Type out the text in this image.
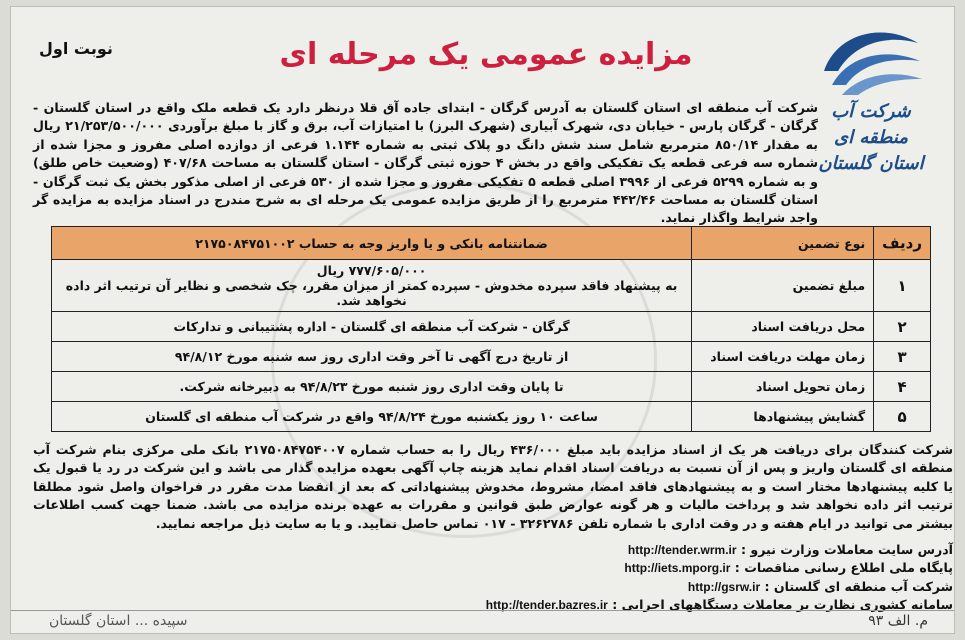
شرکت آب منطقه ای
استان گلستان
نوبت اول	مزایده عمومی یک مرحله ای
شرکت آب منطقه ای استان گلستان به آدرس گرگان - ابتدای جاده آق قلا درنظر دارد یک قطعه ملک واقع در استان گلستان - گرگان - گرگان پارس - خیابان دی، شهرک آبیاری (شهرک البرز) با امتیازات آب، برق و گاز با مبلغ برآوردی ۲۱/۲۵۳/۵۰۰/۰۰۰ ریال به مقدار ۸۵۰/۱۴ مترمربع شامل سند شش دانگ دو پلاک ثبتی به شماره ۱.۱۴۴ فرعی از دوازده اصلی مفروز و مجزا شده از شماره سه فرعی قطعه یک تفکیکی واقع در بخش ۴ حوزه ثبتی گرگان - استان گلستان به مساحت ۴۰۷/۶۸ (وضعیت خاص طلق) و به شماره ۵۲۹۹ فرعی از ۳۹۹۶ اصلی قطعه ۵ تفکیکی مفروز و مجزا شده از ۵۳۰ فرعی از اصلی مذکور بخش یک ثبت گرگان - استان گلستان به مساحت ۴۴۲/۴۶ مترمربع را از طریق مزایده عمومی یک مرحله ای به شرح مندرج در اسناد مزایده به مزایده گر واجد شرایط واگذار نماید.
ردیف	نوع تضمین	ضمانتنامه بانکی و یا واریز وجه به حساب ۲۱۷۵۰۸۴۷۵۱۰۰۲
۱	مبلغ تضمین	۷۷۷/۶۰۵/۰۰۰ ریال
به پیشنهاد فاقد سپرده مخدوش - سپرده کمتر از میزان مقرر، چک شخصی و نظایر آن ترتیب اثر داده نخواهد شد.

۲	محل دریافت اسناد	گرگان - شرکت آب منطقه ای گلستان - اداره پشتیبانی و تدارکات
۳	زمان مهلت دریافت اسناد	از تاریخ درج آگهی تا آخر وقت اداری روز سه شنبه مورخ ۹۴/۸/۱۲
۴	زمان تحویل اسناد	تا پایان وقت اداری روز شنبه مورخ ۹۴/۸/۲۳ به دبیرخانه شرکت.
۵	گشایش پیشنهادها	ساعت ۱۰ روز یکشنبه مورخ ۹۴/۸/۲۴ واقع در شرکت آب منطقه ای گلستان
شرکت کنندگان برای دریافت هر یک از اسناد مزایده باید مبلغ ۴۳۶/۰۰۰ ریال را به حساب شماره ۲۱۷۵۰۸۴۷۵۴۰۰۷ بانک ملی مرکزی بنام شرکت آب منطقه ای گلستان واریز و پس از آن نسبت به دریافت اسناد اقدام نماید هزینه چاپ آگهی بعهده مزایده گذار می باشد و این شرکت در رد یا قبول یک یا کلیه پیشنهادها مختار است و به پیشنهادهای فاقد امضا، مشروط، مخدوش پیشنهاداتی که بعد از انقضا مدت مقرر در فراخوان واصل شود مطلقا ترتیب اثر داده نخواهد شد و پرداخت مالیات و هر گونه عوارض طبق قوانین و مقررات به عهده برنده مزایده می باشد. ضمنا جهت کسب اطلاعات بیشتر می توانید در ایام هفته و در وقت اداری با شماره تلفن ۳۲۶۲۷۸۶ - ۰۱۷ تماس حاصل نمایید. و یا به سایت ذیل مراجعه نمایید.
آدرس سایت معاملات وزارت نیرو : http://tender.wrm.ir
پایگاه ملی اطلاع رسانی مناقصات : http://iets.mporg.ir
شرکت آب منطقه ای گلستان : http://gsrw.ir
سامانه کشوری نظارت بر معاملات دستگاههای اجرایی : http://tender.bazres.ir
م. الف ۹۳
سپیده ... استان گلستان
